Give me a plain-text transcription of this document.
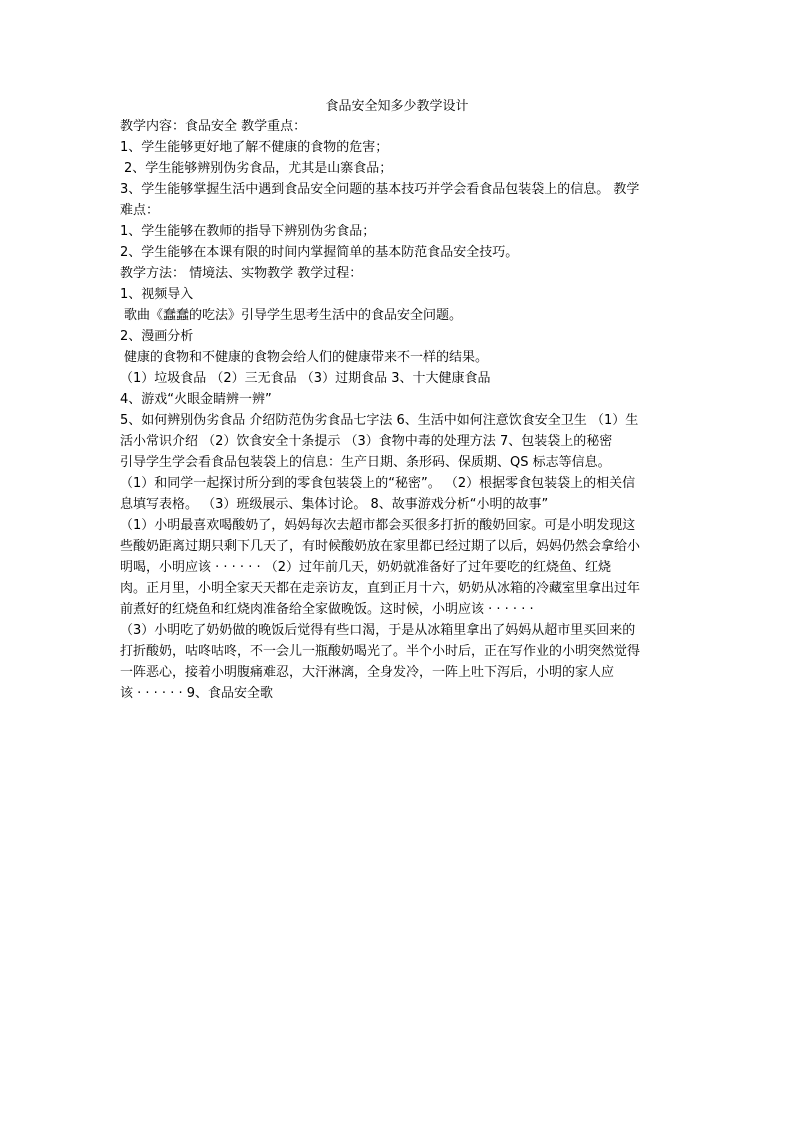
食品安全知多少教学设计
教学内容：食品安全 教学重点：
1、学生能够更好地了解不健康的食物的危害；
2、学生能够辨别伪劣食品，尤其是山寨食品；
3、学生能够掌握生活中遇到食品安全问题的基本技巧并学会看食品包装袋上的信息。 教学
难点：
1、学生能够在教师的指导下辨别伪劣食品；
2、学生能够在本课有限的时间内掌握简单的基本防范食品安全技巧。
教学方法： 情境法、实物教学 教学过程：
1、视频导入
歌曲《蠢蠢的吃法》引导学生思考生活中的食品安全问题。
2、漫画分析
健康的食物和不健康的食物会给人们的健康带来不一样的结果。
（1）垃圾食品 （2）三无食品 （3）过期食品 3、十大健康食品
4、游戏“火眼金睛辨一辨”
5、如何辨别伪劣食品 介绍防范伪劣食品七字法 6、生活中如何注意饮食安全卫生 （1）生
活小常识介绍 （2）饮食安全十条提示 （3）食物中毒的处理方法 7、包装袋上的秘密
引导学生学会看食品包装袋上的信息：生产日期、条形码、保质期、QS 标志等信息。
（1）和同学一起探讨所分到的零食包装袋上的“秘密”。 （2）根据零食包装袋上的相关信
息填写表格。 （3）班级展示、集体讨论。 8、故事游戏分析“小明的故事”
（1）小明最喜欢喝酸奶了，妈妈每次去超市都会买很多打折的酸奶回家。可是小明发现这
些酸奶距离过期只剩下几天了，有时候酸奶放在家里都已经过期了以后，妈妈仍然会拿给小
明喝，小明应该 · · · · · · （2）过年前几天，奶奶就准备好了过年要吃的红烧鱼、红烧
肉。正月里，小明全家天天都在走亲访友，直到正月十六，奶奶从冰箱的冷藏室里拿出过年
前煮好的红烧鱼和红烧肉准备给全家做晚饭。这时候，小明应该 · · · · · ·
（3）小明吃了奶奶做的晚饭后觉得有些口渴，于是从冰箱里拿出了妈妈从超市里买回来的
打折酸奶，咕咚咕咚，不一会儿一瓶酸奶喝光了。半个小时后，正在写作业的小明突然觉得
一阵恶心，接着小明腹痛难忍，大汗淋漓，全身发冷，一阵上吐下泻后，小明的家人应
该 · · · · · · 9、食品安全歌
